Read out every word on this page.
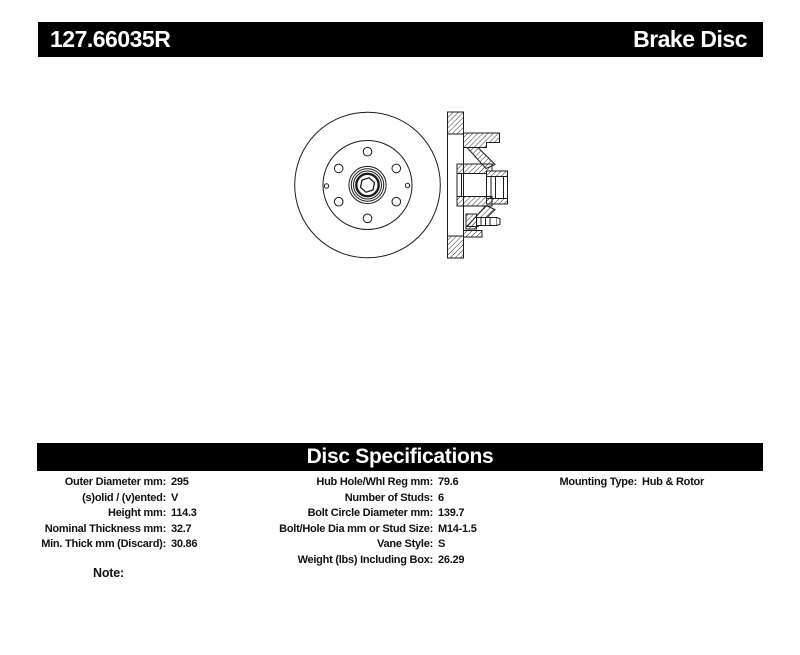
127.66035R	Brake Disc
Disc Specifications
Outer Diameter mm: 295
(s)olid / (v)ented: V
Height mm: 114.3
Nominal Thickness mm: 32.7
Min. Thick mm (Discard): 30.86
Hub Hole/Whl Reg mm: 79.6
Number of Studs: 6
Bolt Circle Diameter mm: 139.7
Bolt/Hole Dia mm or Stud Size: M14-1.5
Vane Style: S
Weight (lbs) Including Box: 26.29
Mounting Type: Hub & Rotor
Note:
